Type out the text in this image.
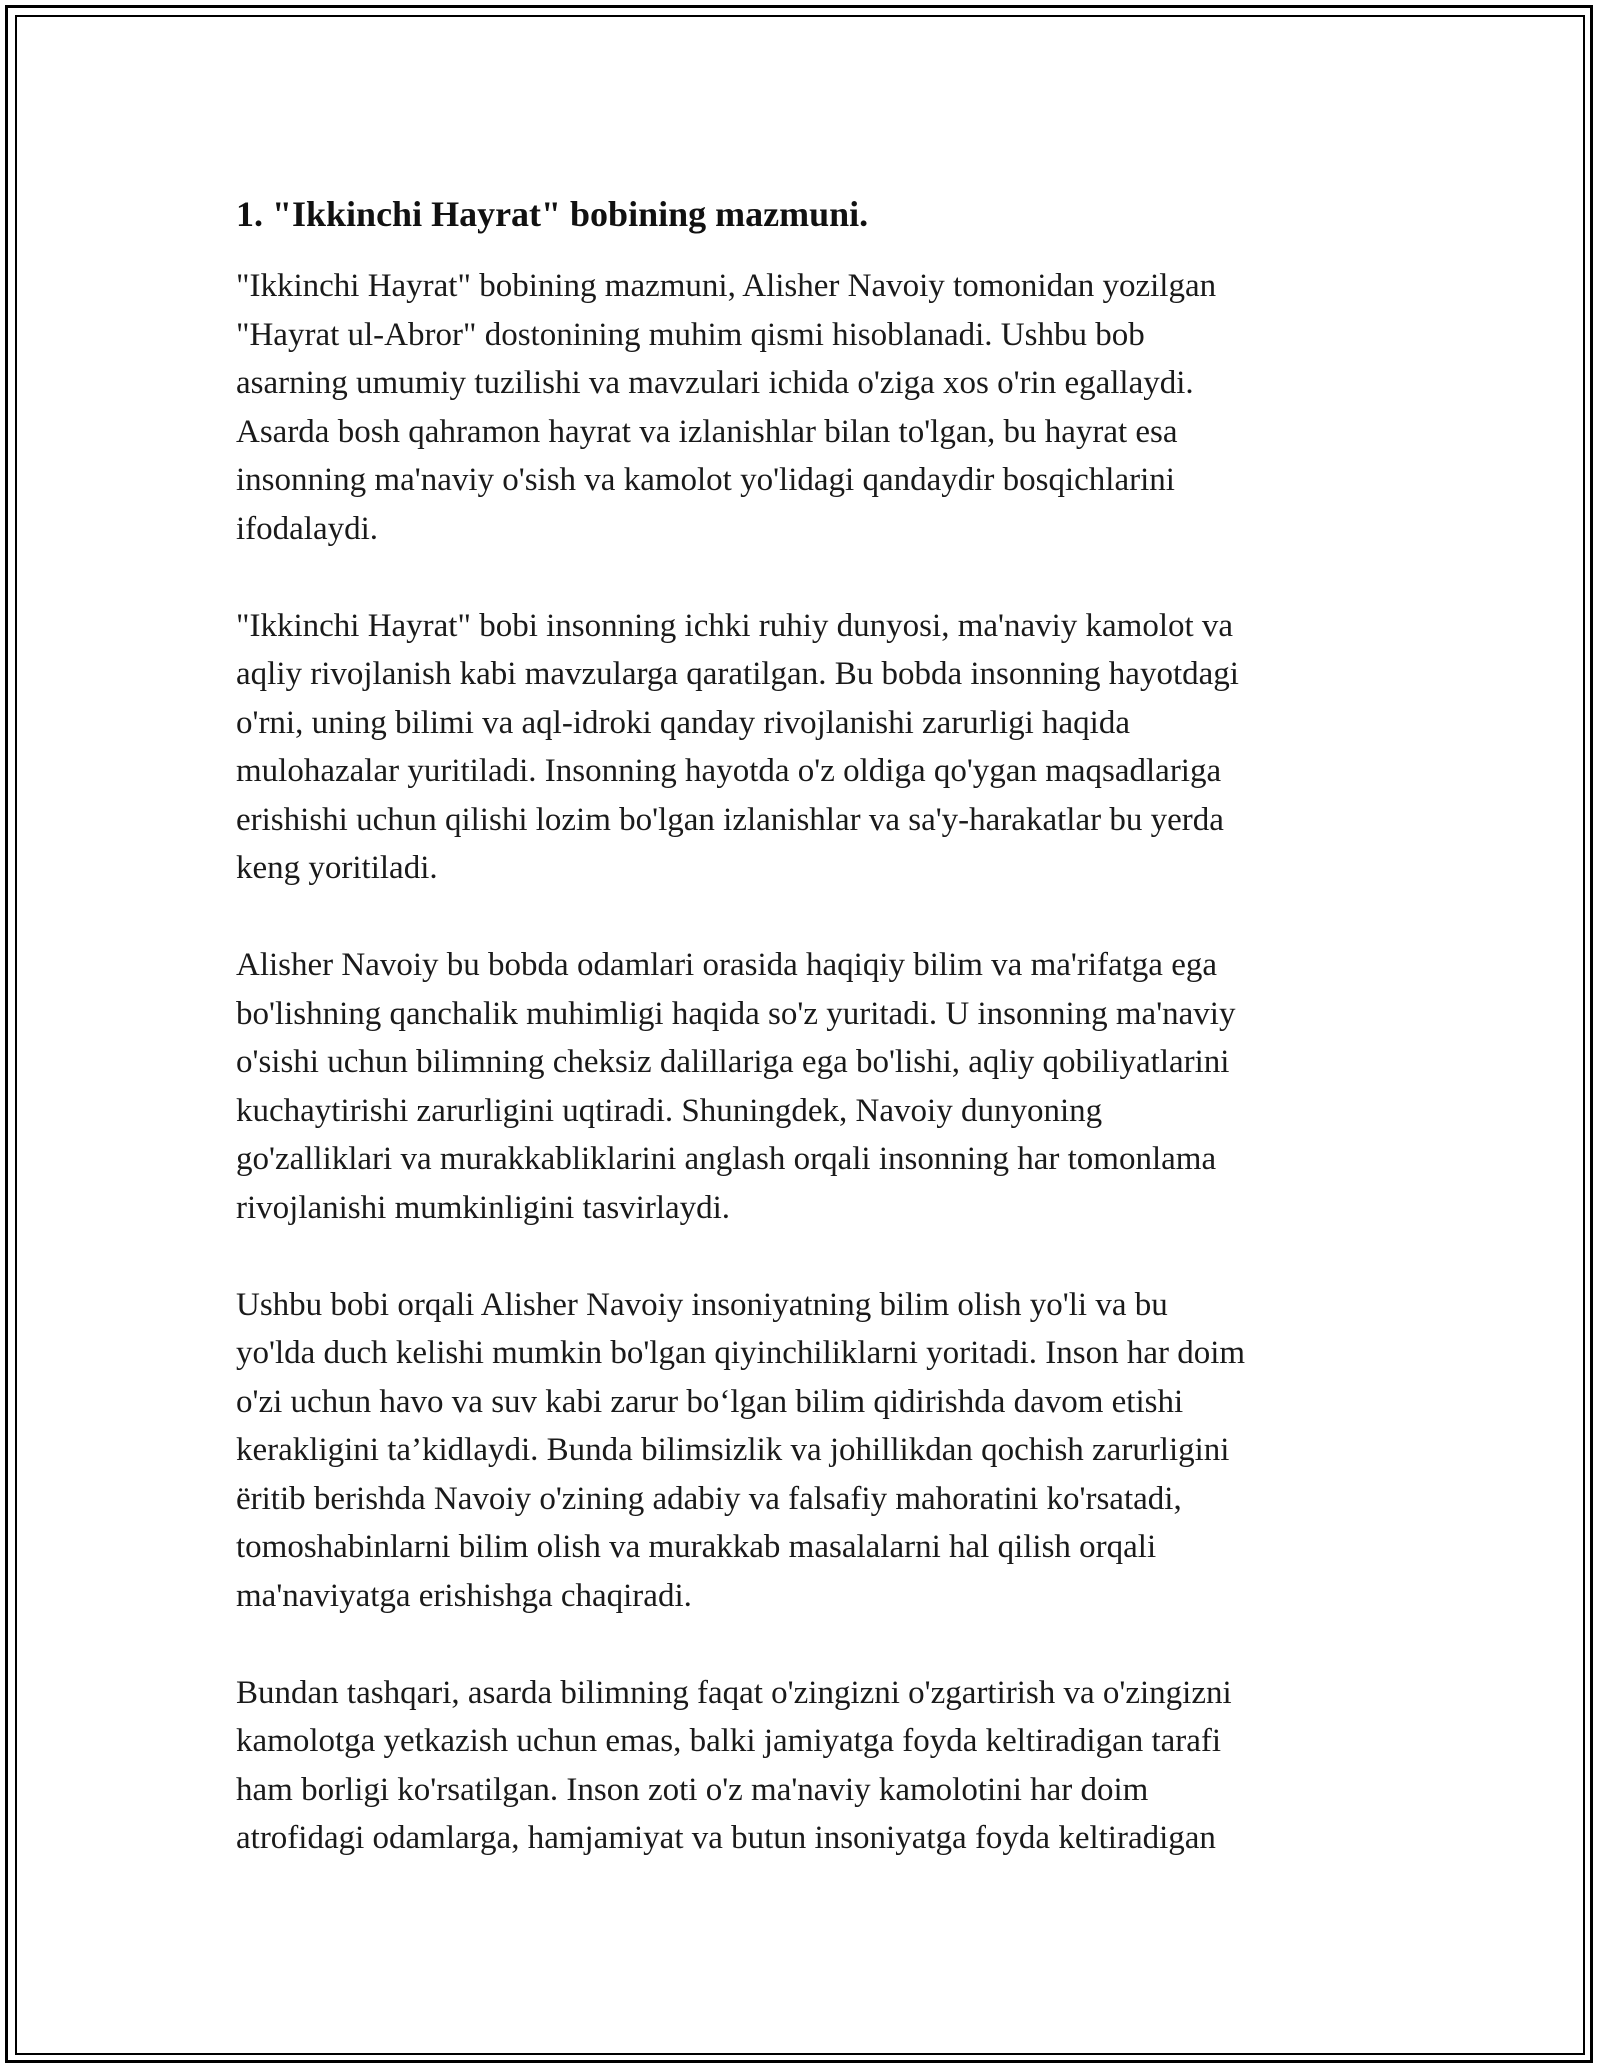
1. "Ikkinchi Hayrat" bobining mazmuni.
"Ikkinchi Hayrat" bobining mazmuni, Alisher Navoiy tomonidan yozilgan
"Hayrat ul-Abror" dostonining muhim qismi hisoblanadi. Ushbu bob
asarning umumiy tuzilishi va mavzulari ichida o'ziga xos o'rin egallaydi.
Asarda bosh qahramon hayrat va izlanishlar bilan to'lgan, bu hayrat esa
insonning ma'naviy o'sish va kamolot yo'lidagi qandaydir bosqichlarini
ifodalaydi.
"Ikkinchi Hayrat" bobi insonning ichki ruhiy dunyosi, ma'naviy kamolot va
aqliy rivojlanish kabi mavzularga qaratilgan. Bu bobda insonning hayotdagi
o'rni, uning bilimi va aql-idroki qanday rivojlanishi zarurligi haqida
mulohazalar yuritiladi. Insonning hayotda o'z oldiga qo'ygan maqsadlariga
erishishi uchun qilishi lozim bo'lgan izlanishlar va sa'y-harakatlar bu yerda
keng yoritiladi.
Alisher Navoiy bu bobda odamlari orasida haqiqiy bilim va ma'rifatga ega
bo'lishning qanchalik muhimligi haqida so'z yuritadi. U insonning ma'naviy
o'sishi uchun bilimning cheksiz dalillariga ega bo'lishi, aqliy qobiliyatlarini
kuchaytirishi zarurligini uqtiradi. Shuningdek, Navoiy dunyoning
go'zalliklari va murakkabliklarini anglash orqali insonning har tomonlama
rivojlanishi mumkinligini tasvirlaydi.
Ushbu bobi orqali Alisher Navoiy insoniyatning bilim olish yo'li va bu
yo'lda duch kelishi mumkin bo'lgan qiyinchiliklarni yoritadi. Inson har doim
o'zi uchun havo va suv kabi zarur bo‘lgan bilim qidirishda davom etishi
kerakligini ta’kidlaydi. Bunda bilimsizlik va johillikdan qochish zarurligini
ëritib berishda Navoiy o'zining adabiy va falsafiy mahoratini ko'rsatadi,
tomoshabinlarni bilim olish va murakkab masalalarni hal qilish orqali
ma'naviyatga erishishga chaqiradi.
Bundan tashqari, asarda bilimning faqat o'zingizni o'zgartirish va o'zingizni
kamolotga yetkazish uchun emas, balki jamiyatga foyda keltiradigan tarafi
ham borligi ko'rsatilgan. Inson zoti o'z ma'naviy kamolotini har doim
atrofidagi odamlarga, hamjamiyat va butun insoniyatga foyda keltiradigan
